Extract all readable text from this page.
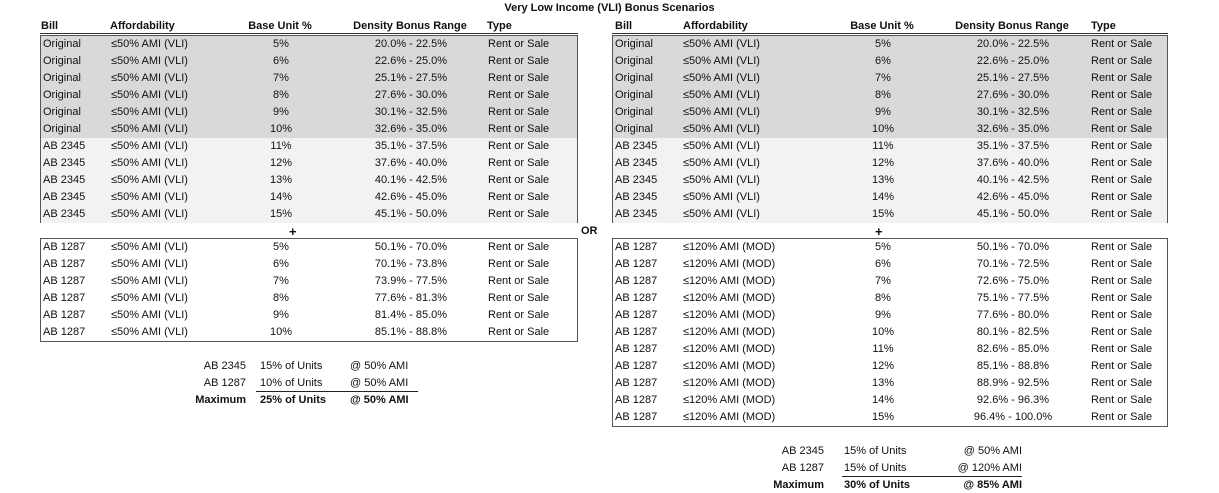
Very Low Income (VLI) Bonus Scenarios
Bill	Affordability	Base Unit %	Density Bonus Range	Type	Bill	Affordability	Base Unit %	Density Bonus Range	Type
Original	≤50% AMI (VLI)	5%	20.0% - 22.5%	Rent or Sale
Original	≤50% AMI (VLI)	6%	22.6% - 25.0%	Rent or Sale
Original	≤50% AMI (VLI)	7%	25.1% - 27.5%	Rent or Sale
Original	≤50% AMI (VLI)	8%	27.6% - 30.0%	Rent or Sale
Original	≤50% AMI (VLI)	9%	30.1% - 32.5%	Rent or Sale
Original	≤50% AMI (VLI)	10%	32.6% - 35.0%	Rent or Sale
AB 2345	≤50% AMI (VLI)	11%	35.1% - 37.5%	Rent or Sale
AB 2345	≤50% AMI (VLI)	12%	37.6% - 40.0%	Rent or Sale
AB 2345	≤50% AMI (VLI)	13%	40.1% - 42.5%	Rent or Sale
AB 2345	≤50% AMI (VLI)	14%	42.6% - 45.0%	Rent or Sale
AB 2345	≤50% AMI (VLI)	15%	45.1% - 50.0%	Rent or Sale
+
AB 1287	≤50% AMI (VLI)	5%	50.1% - 70.0%	Rent or Sale
AB 1287	≤50% AMI (VLI)	6%	70.1% - 73.8%	Rent or Sale
AB 1287	≤50% AMI (VLI)	7%	73.9% - 77.5%	Rent or Sale
AB 1287	≤50% AMI (VLI)	8%	77.6% - 81.3%	Rent or Sale
AB 1287	≤50% AMI (VLI)	9%	81.4% - 85.0%	Rent or Sale
AB 1287	≤50% AMI (VLI)	10%	85.1% - 88.8%	Rent or Sale
OR
Original	≤50% AMI (VLI)	5%	20.0% - 22.5%	Rent or Sale
Original	≤50% AMI (VLI)	6%	22.6% - 25.0%	Rent or Sale
Original	≤50% AMI (VLI)	7%	25.1% - 27.5%	Rent or Sale
Original	≤50% AMI (VLI)	8%	27.6% - 30.0%	Rent or Sale
Original	≤50% AMI (VLI)	9%	30.1% - 32.5%	Rent or Sale
Original	≤50% AMI (VLI)	10%	32.6% - 35.0%	Rent or Sale
AB 2345	≤50% AMI (VLI)	11%	35.1% - 37.5%	Rent or Sale
AB 2345	≤50% AMI (VLI)	12%	37.6% - 40.0%	Rent or Sale
AB 2345	≤50% AMI (VLI)	13%	40.1% - 42.5%	Rent or Sale
AB 2345	≤50% AMI (VLI)	14%	42.6% - 45.0%	Rent or Sale
AB 2345	≤50% AMI (VLI)	15%	45.1% - 50.0%	Rent or Sale
+
AB 1287	≤120% AMI (MOD)	5%	50.1% - 70.0%	Rent or Sale
AB 1287	≤120% AMI (MOD)	6%	70.1% - 72.5%	Rent or Sale
AB 1287	≤120% AMI (MOD)	7%	72.6% - 75.0%	Rent or Sale
AB 1287	≤120% AMI (MOD)	8%	75.1% - 77.5%	Rent or Sale
AB 1287	≤120% AMI (MOD)	9%	77.6% - 80.0%	Rent or Sale
AB 1287	≤120% AMI (MOD)	10%	80.1% - 82.5%	Rent or Sale
AB 1287	≤120% AMI (MOD)	11%	82.6% - 85.0%	Rent or Sale
AB 1287	≤120% AMI (MOD)	12%	85.1% - 88.8%	Rent or Sale
AB 1287	≤120% AMI (MOD)	13%	88.9% - 92.5%	Rent or Sale
AB 1287	≤120% AMI (MOD)	14%	92.6% - 96.3%	Rent or Sale
AB 1287	≤120% AMI (MOD)	15%	96.4% - 100.0%	Rent or Sale
AB 2345 15% of Units	@ 50% AMI
AB 1287 10% of Units	@ 50% AMI
Maximum 25% of Units	@ 50% AMI
AB 2345 15% of Units	@ 50% AMI
AB 1287 15% of Units	@ 120% AMI
Maximum 30% of Units	@ 85% AMI
